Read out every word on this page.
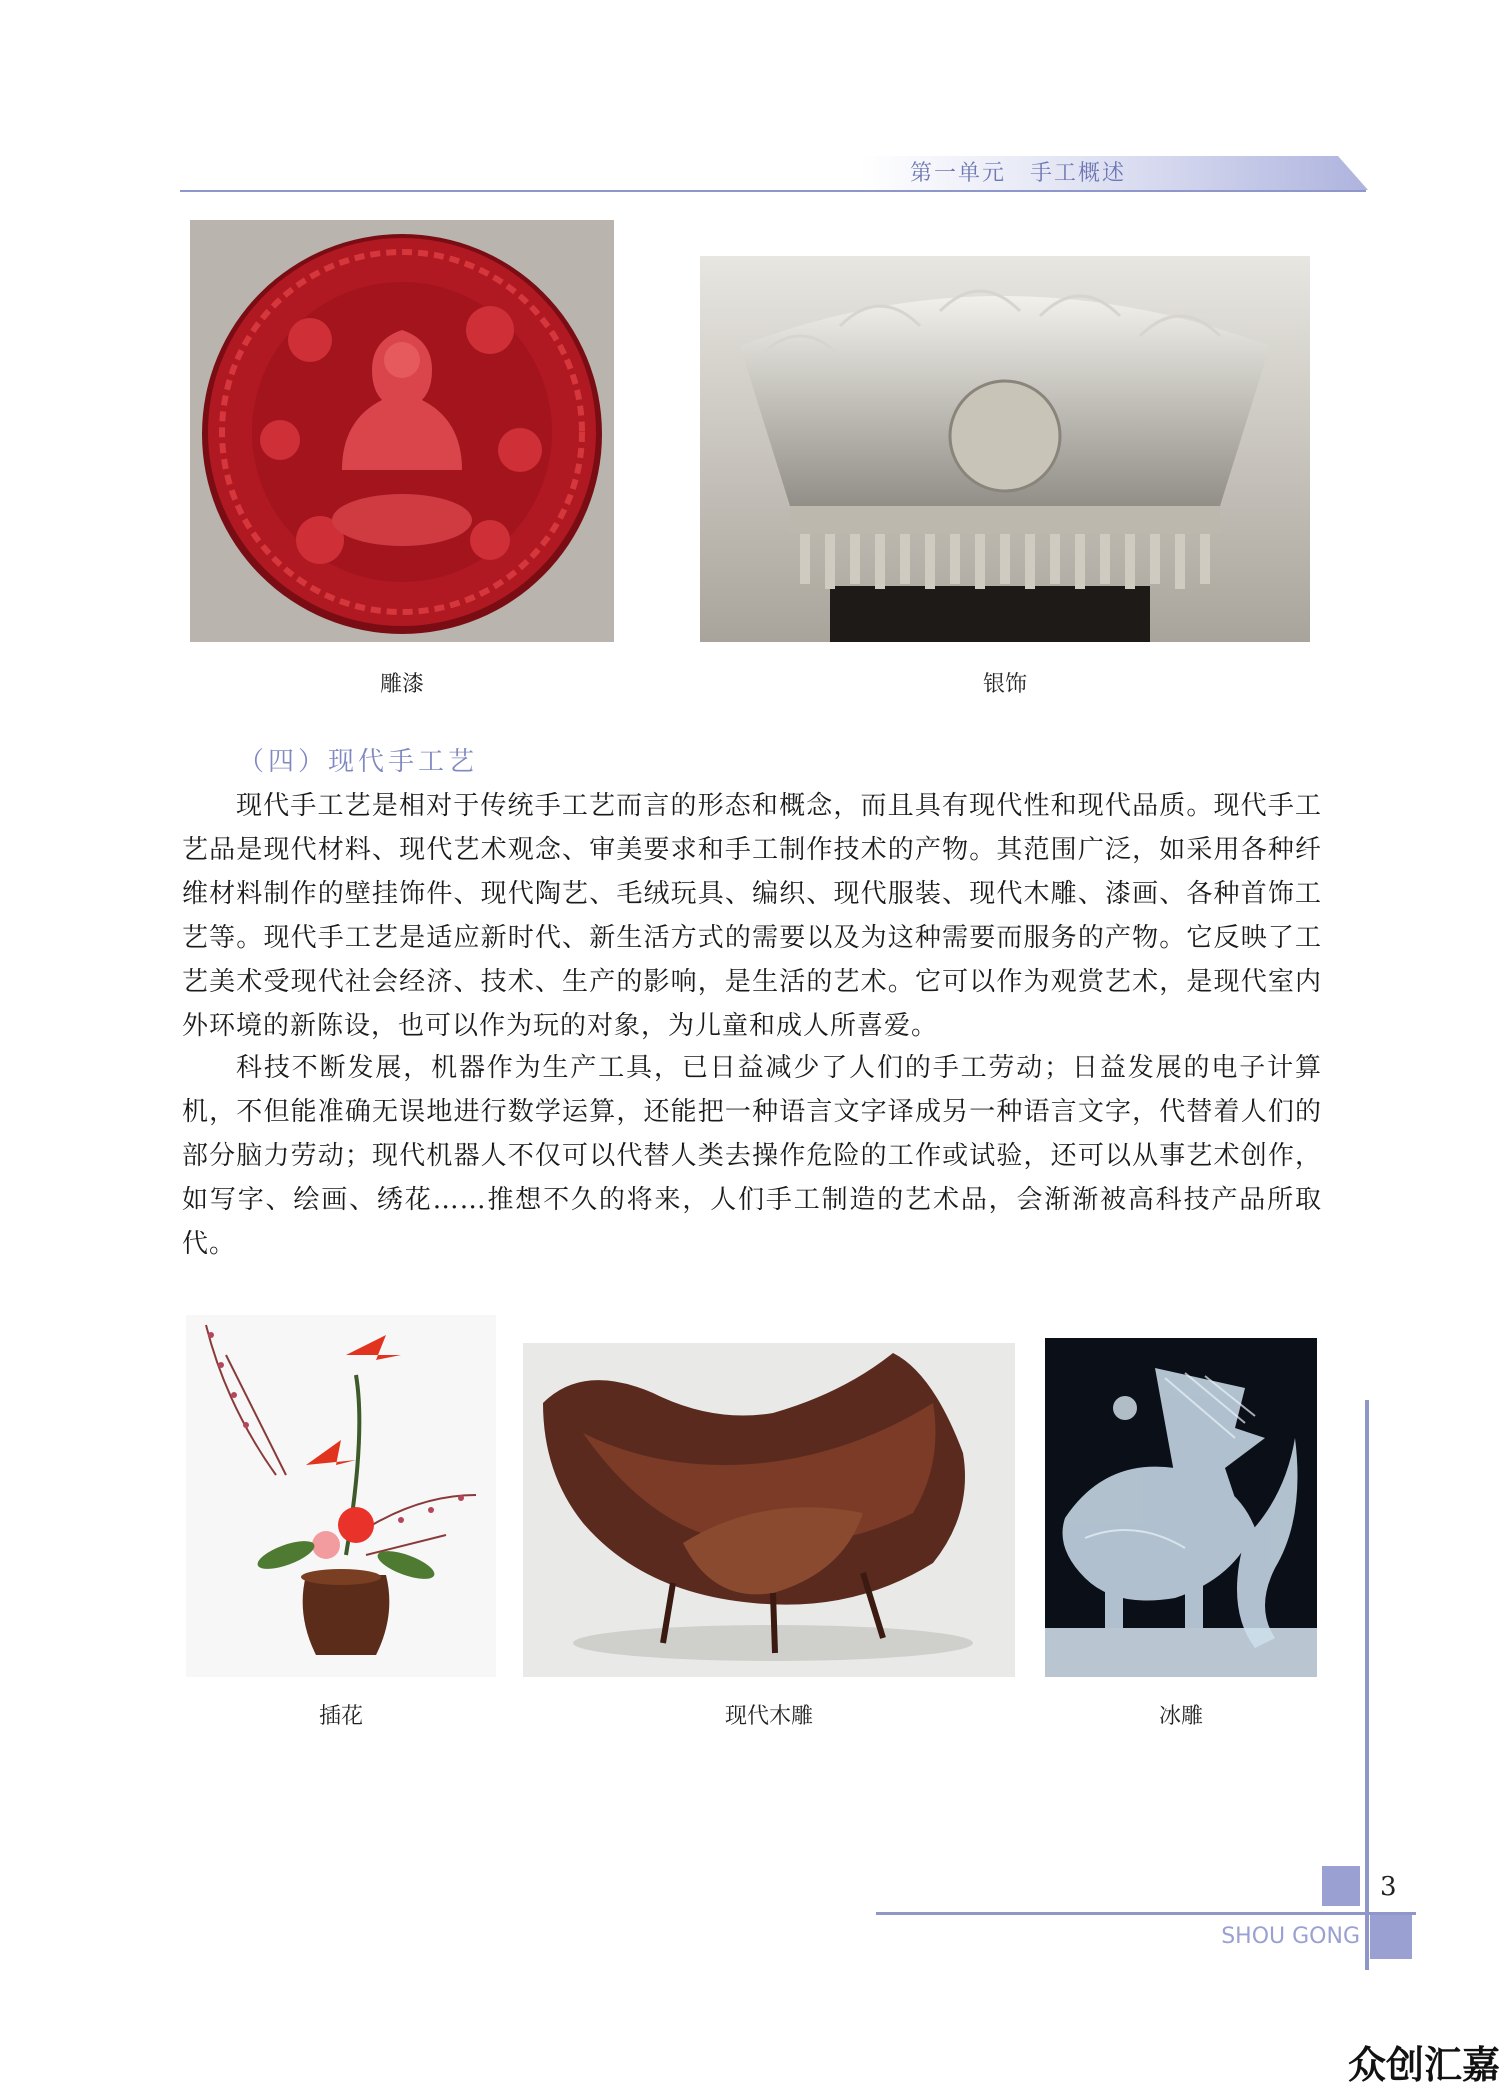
第一单元　手工概述
雕漆	银饰
（四）现代手工艺
现代手工艺是相对于传统手工艺而言的形态和概念，而且具有现代性和现代品质。现代手工艺品是现代材料、现代艺术观念、审美要求和手工制作技术的产物。其范围广泛，如采用各种纤维材料制作的壁挂饰件、现代陶艺、毛绒玩具、编织、现代服装、现代木雕、漆画、各种首饰工艺等。现代手工艺是适应新时代、新生活方式的需要以及为这种需要而服务的产物。它反映了工艺美术受现代社会经济、技术、生产的影响，是生活的艺术。它可以作为观赏艺术，是现代室内外环境的新陈设，也可以作为玩的对象，为儿童和成人所喜爱。
科技不断发展，机器作为生产工具，已日益减少了人们的手工劳动；日益发展的电子计算机，不但能准确无误地进行数学运算，还能把一种语言文字译成另一种语言文字，代替着人们的部分脑力劳动；现代机器人不仅可以代替人类去操作危险的工作或试验，还可以从事艺术创作，如写字、绘画、绣花……推想不久的将来，人们手工制造的艺术品，会渐渐被高科技产品所取代。
插花	现代木雕	冰雕
3
SHOU GONG
众创汇嘉
